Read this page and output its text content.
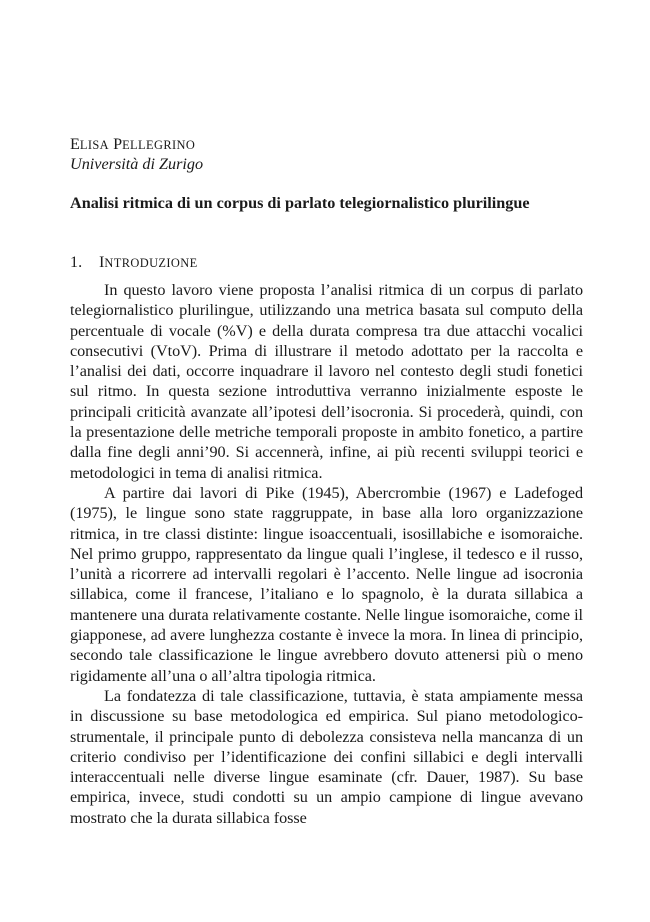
ELISA PELLEGRINO
Università di Zurigo
Analisi ritmica di un corpus di parlato telegiornalistico plurilingue
1. INTRODUZIONE

In questo lavoro viene proposta l’analisi ritmica di un corpus di parlato telegiornalistico plurilingue, utilizzando una metrica basata sul computo della percentuale di vocale (%V) e della durata compresa tra due attacchi vocalici consecutivi (VtoV). Prima di illustrare il metodo adottato per la raccolta e l’analisi dei dati, occorre inquadrare il lavoro nel contesto degli studi fonetici sul ritmo. In questa sezione introduttiva verranno inizialmente esposte le principali criticità avanzate all’ipotesi dell’isocronia. Si procederà, quindi, con la presentazione delle metriche temporali proposte in ambito fonetico, a partire dalla fine degli anni’90. Si accennerà, infine, ai più recenti sviluppi teorici e metodologici in tema di analisi ritmica.

A partire dai lavori di Pike (1945), Abercrombie (1967) e Ladefoged (1975), le lingue sono state raggruppate, in base alla loro organizzazione ritmica, in tre classi distinte: lingue isoaccentuali, isosillabiche e isomoraiche. Nel primo gruppo, rappresentato da lingue quali l’inglese, il tedesco e il russo, l’unità a ricorrere ad intervalli regolari è l’accento. Nelle lingue ad isocronia sillabica, come il francese, l’italiano e lo spagnolo, è la durata sillabica a mantenere una durata relativamente costante. Nelle lingue isomoraiche, come il giapponese, ad avere lunghezza costante è invece la mora. In linea di principio, secondo tale classificazione le lingue avrebbero dovuto attenersi più o meno rigidamente all’una o all’altra tipologia ritmica.

La fondatezza di tale classificazione, tuttavia, è stata ampiamente messa in discussione su base metodologica ed empirica. Sul piano metodologico-strumentale, il principale punto di debolezza consisteva nella mancanza di un criterio condiviso per l’identificazione dei confini sillabici e degli intervalli interaccentuali nelle diverse lingue esaminate (cfr. Dauer, 1987). Su base empirica, invece, studi condotti su un ampio campione di lingue avevano mostrato che la durata sillabica fosse
